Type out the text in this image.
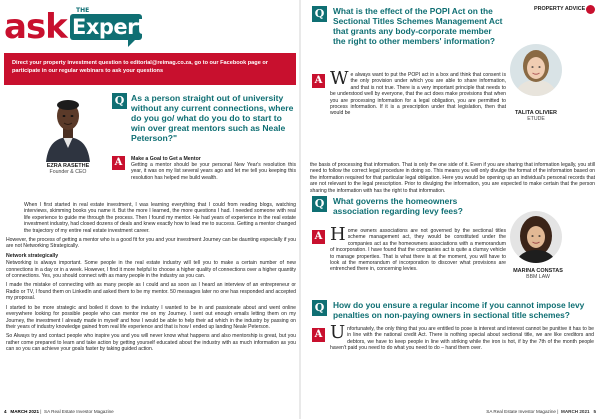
ask Experts
THE
Direct your property investment question to editorial@reimag.co.za, go to our Facebook page or participate in our regular webinars to ask your questions
EZRA RASETHE
Founder & CEO
Q As a person straight out of university without any current connections, where do you go/ what do you do to start to win over great mentors such as Neale Peterson?"
A	Make a Goal to Get a Mentor

Getting a mentor should be your personal New Year's resolution this year, it was on my list several years ago and let me tell you keeping this resolution has helped me build wealth.

When I first started in real estate investment, I was learning everything that I could from reading blogs, watching interviews, skimming books you name it. But the more I learned, the more questions I had. I needed someone with real life experience to guide me through the process. Then I found my mentor. He had years of experience in the real estate investment industry, had closed dozens of deals and knew exactly how to lead me to success. Getting a mentor changed the trajectory of my entire real estate investment career.

However, the process of getting a mentor who is a good fit for you and your investment Journey can be daunting especially if you are not Networking Strategically.

Network strategically

Networking is always important. Some people in the real estate industry will tell you to make a certain number of new connections in a day or in a week. However, I find it more helpful to choose a higher quality of connections over a higher quantity of connections. Yes, you should connect with as many people in the industry as you can.

I made the mistake of connecting with as many people as I could and as soon as I heard an interview of an entrepreneur or Radio or TV, I found them on LinkedIn and asked them to be my mentor. 50 messages later no one has responded and accepted my proposal.

I started to be more strategic and boiled it down to the industry I wanted to be in and passionate about and went online everywhere looking for possible people who can mentor me on my Journey. I sent out enough emails letting them on my Journey, the investment I already made in myself and how I would be able to help their ad which in the industry by passing on their years of industry knowledge gained from real life experience and that is how I ended up landing Neale Peterson.

So Always try and contact people who inspire you and you will never know what happens and also mentorship is great, but you rather come prepared to learn and take action by getting yourself educated about the industry with as much information as you can so you can achieve your goals faster by taking guided action.

4 MARCH 2021 |  SA Real Estate Investor Magazine
PROPERTY ADVICE
Q	What is the effect of the POPI Act on the Sectional Titles Schemes Management Act that grants any body-corporate member the right to other members' information?
A W e always want to put the POPI act in a box and think that consent is the only provision under which you are able to share information, and that is not true. There is a very important principle that needs to be understood well by everyone, that the act does make provisions that when you are processing information for a legal obligation, you are permitted to process information. If it is a prescription under that legislation, then that would be
the basis of processing that information. That is only the one side of it. Even if you are sharing that information legally, you still need to follow the correct legal procedure in doing so. This means you will only divulge the format of the information based on the information required for that particular legal obligation. Here you would be opening up an individual's personal records that are not relevant to the legal prescription. Prior to divulging the information, you are expected to make certain that the person sharing the information with has the right to that information.
TALITA OLIVIER
ETUDE
Q	What governs the homeowners association regarding levy fees?
A H ome owners associations are not governed by the sectional titles scheme management act, they would be constituted under the companies act as the homeowners associations with a memorandum of incorporation. I have found that the companies act is quite a clumsy vehicle to manage properties. That is what there is at the moment, you will have to look at the memorandum of incorporation to discover what provisions are entrenched there in, concerning levies.	MARINA CONSTAS
BBM LAW
Q	How do you ensure a regular income if you cannot impose levy penalties on non-paying owners in sectional title schemes?
A U nfortunately, the only thing that you are entitled to pose is interest and interest cannot be punitive it has to be in line with the national credit Act. There is nothing special about sectional title, we are like creditors and debtors, we have to keep people in line with striking while the iron is hot, if by the 7th of the month people haven't paid you need to do what you need to do – hand them over.
SA Real Estate Investor Magazine |  MARCH 2021 5
